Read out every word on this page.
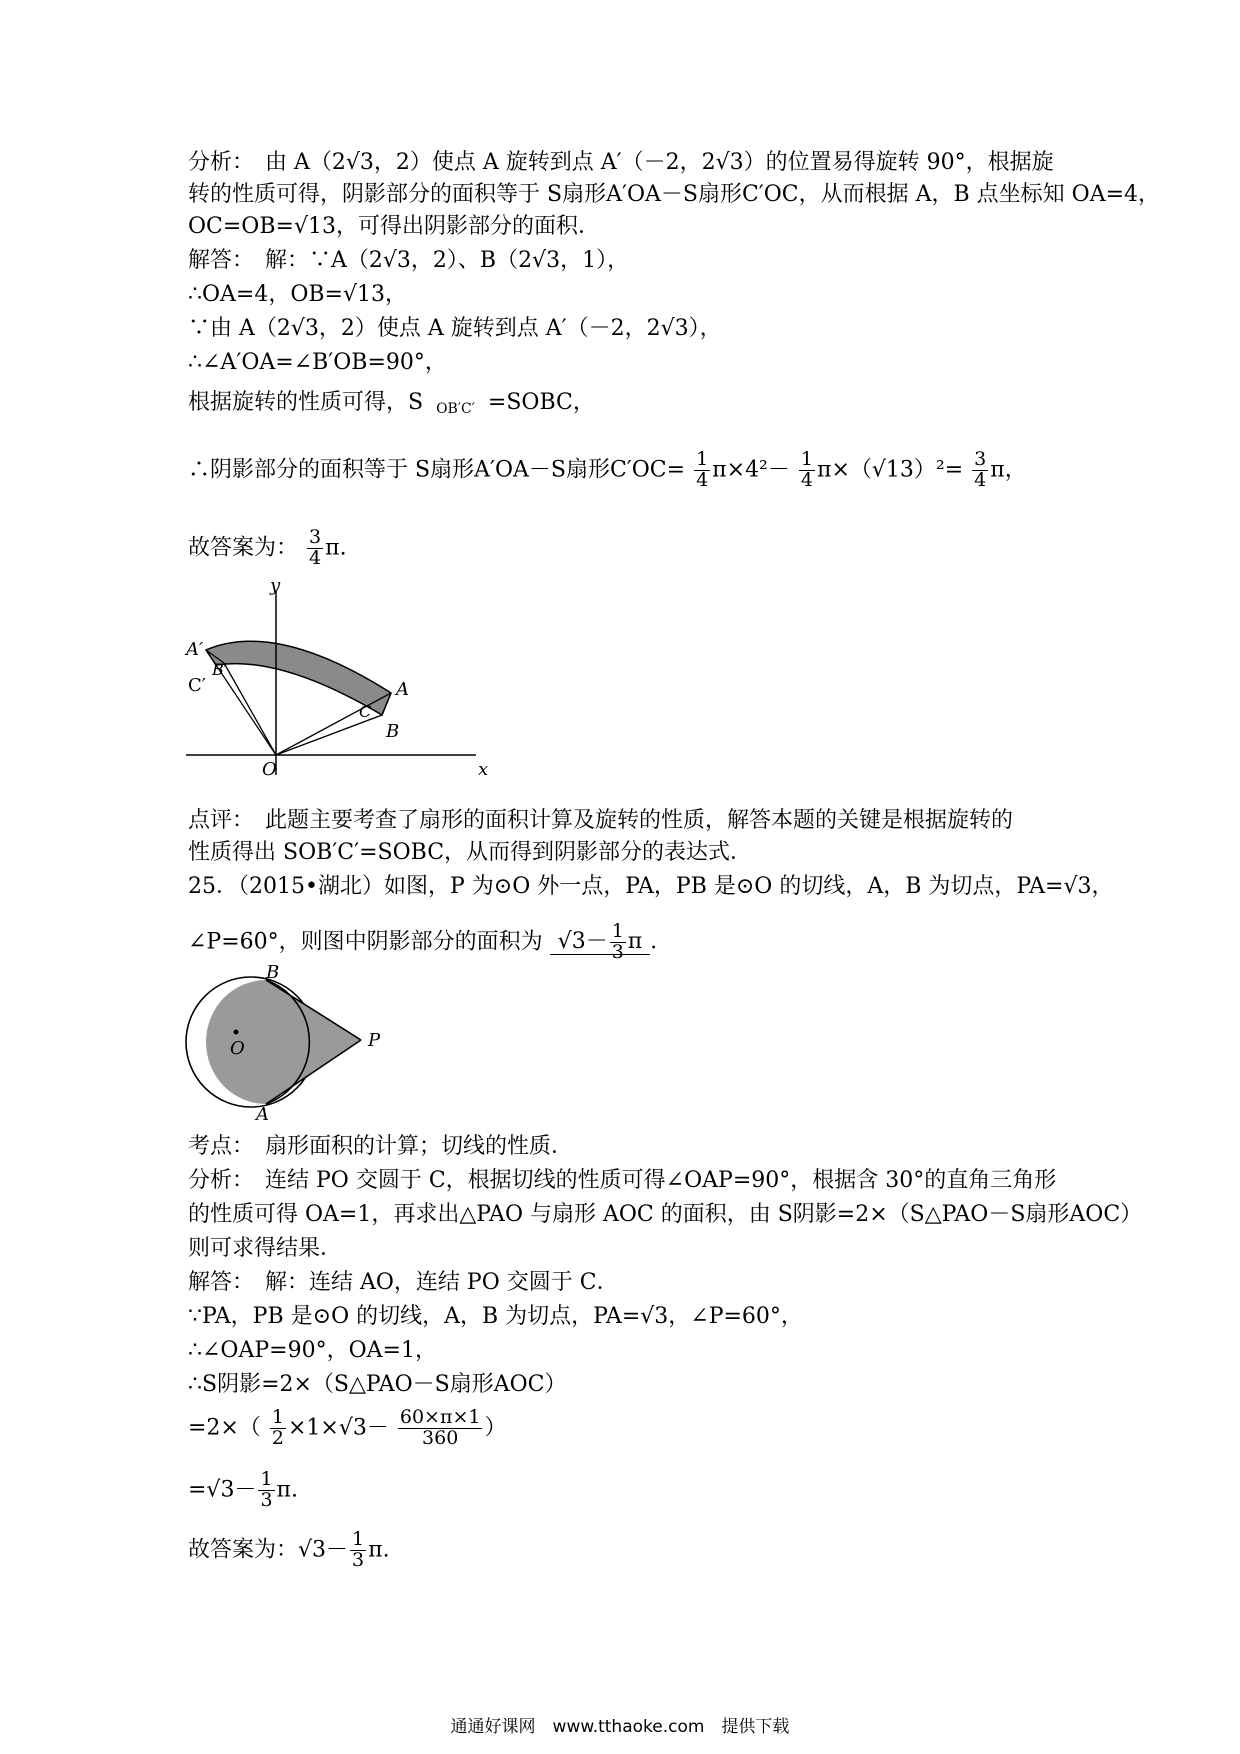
分析：　由 A（2√3，2）使点 A 旋转到点 A′（－2，2√3）的位置易得旋转 90°，根据旋
转的性质可得，阴影部分的面积等于 S扇形A′OA－S扇形C′OC，从而根据 A，B 点坐标知 OA=4，
OC=OB=√13，可得出阴影部分的面积．
解答：　解：∵A（2√3，2）、B（2√3，1），
∴OA=4，OB=√13，
∵由 A（2√3，2）使点 A 旋转到点 A′（－2，2√3），
∴∠A′OA=∠B′OB=90°，
根据旋转的性质可得，S $_{OB'C'}$ =SOBC，
∴阴影部分的面积等于 S扇形A′OA－S扇形$C'OC= \frac{1}{4} \pi\times 4^2- \frac{1}{4} \pi\times(√13)^2= \frac{3}{4}$ π，
故答案为： $\frac{3}{4} \pi$.
y
x
O
A′
B′
C′	A
B
C
点评：　此题主要考查了扇形的面积计算及旋转的性质，解答本题的关键是根据旋转的
性质得出 SOB′C′=SOBC，从而得到阴影部分的表达式．
25．（2015•湖北）如图，P 为⊙O 外一点，PA，PB 是⊙O 的切线，A，B 为切点，PA=√3，
∠P=60°，则图中阴影部分的面积为 $√3- \frac{1}{3}$ π ．
O
B
A
P
考点：　扇形面积的计算；切线的性质．
分析：　连结 PO 交圆于 C，根据切线的性质可得∠OAP=90°，根据含 30°的直角三角形
的性质可得 OA=1，再求出△PAO 与扇形 AOC 的面积，由 S阴影=2×（S△PAO－S扇形AOC）
则可求得结果．
解答：　解：连结 AO，连结 PO 交圆于 C．
∵PA，PB 是⊙O 的切线，A，B 为切点，PA=√3，∠P=60°，
∴∠OAP=90°，OA=1，
∴S阴影=2×（S△PAO－S扇形AOC）
$=2\times( \frac{1}{2} \times 1\times√3- \frac{60\times\pi\times 1}{360}$ ）
$=√3- \frac{1}{3} \pi$.
故答案为：$√3- \frac{1}{3} \pi$.
通通好课网　www.tthaoke.com　提供下载
